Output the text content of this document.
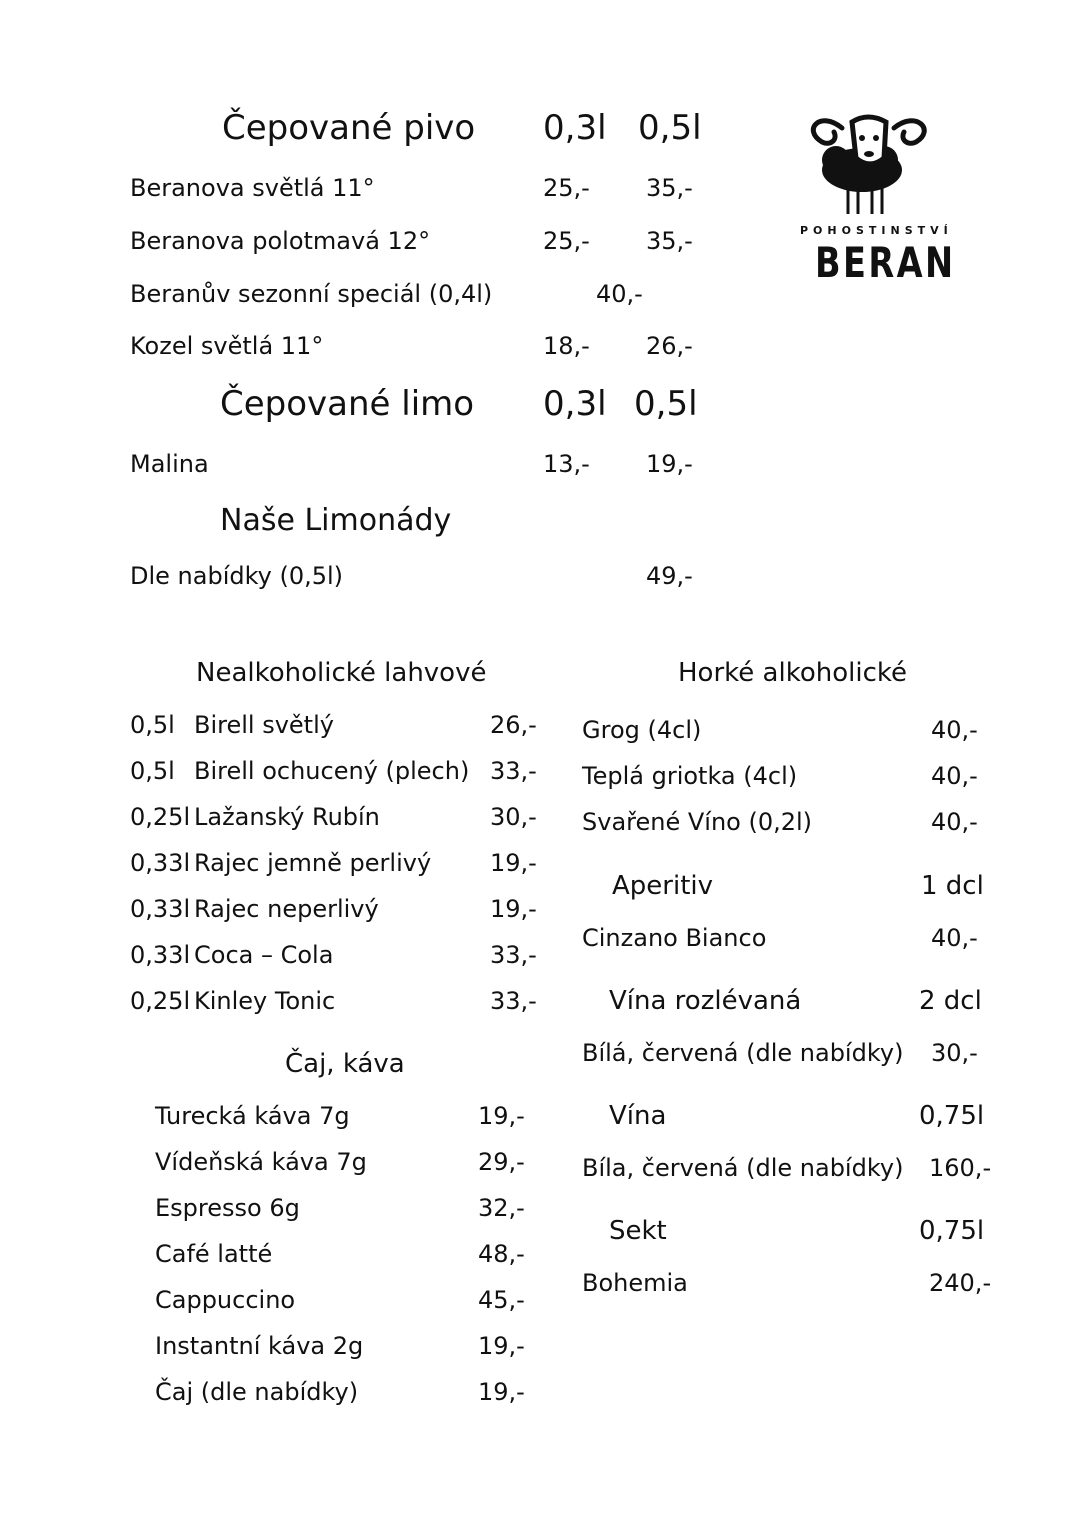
Čepované pivo 0,3l 0,5l
Beranova světlá 11°	25,- 35,-
Beranova polotmavá 12°	25,- 35,-
Beranův sezonní speciál (0,4l)	40,-
Kozel světlá 11°	18,- 26,-
Čepované limo 0,3l 0,5l
Malina	13,- 19,-
Naše Limonády
Dle nabídky (0,5l)	49,-
POHOSTINSTVÍ
BERAN
Nealkoholické lahvové
0,5l Birell světlý	26,-
0,5l Birell ochucený (plech) 33,-
0,25l Lažanský Rubín	30,-
0,33l Rajec jemně perlivý 19,-
0,33l Rajec neperlivý	19,-
0,33l Coca – Cola	33,-
0,25l Kinley Tonic	33,-
Čaj, káva
Turecká káva 7g	19,-
Vídeňská káva 7g	29,-
Espresso 6g	32,-
Café latté	48,-
Cappuccino	45,-
Instantní káva 2g	19,-
Čaj (dle nabídky)	19,-
Horké alkoholické
Grog (4cl)	40,-
Teplá griotka (4cl)	40,-
Svařené Víno (0,2l)	40,-
Aperitiv	1 dcl
Cinzano Bianco	40,-
Vína rozlévaná	2 dcl
Bílá, červená (dle nabídky) 30,-
Vína	0,75l
Bíla, červená (dle nabídky) 160,-
Sekt	0,75l
Bohemia	240,-
